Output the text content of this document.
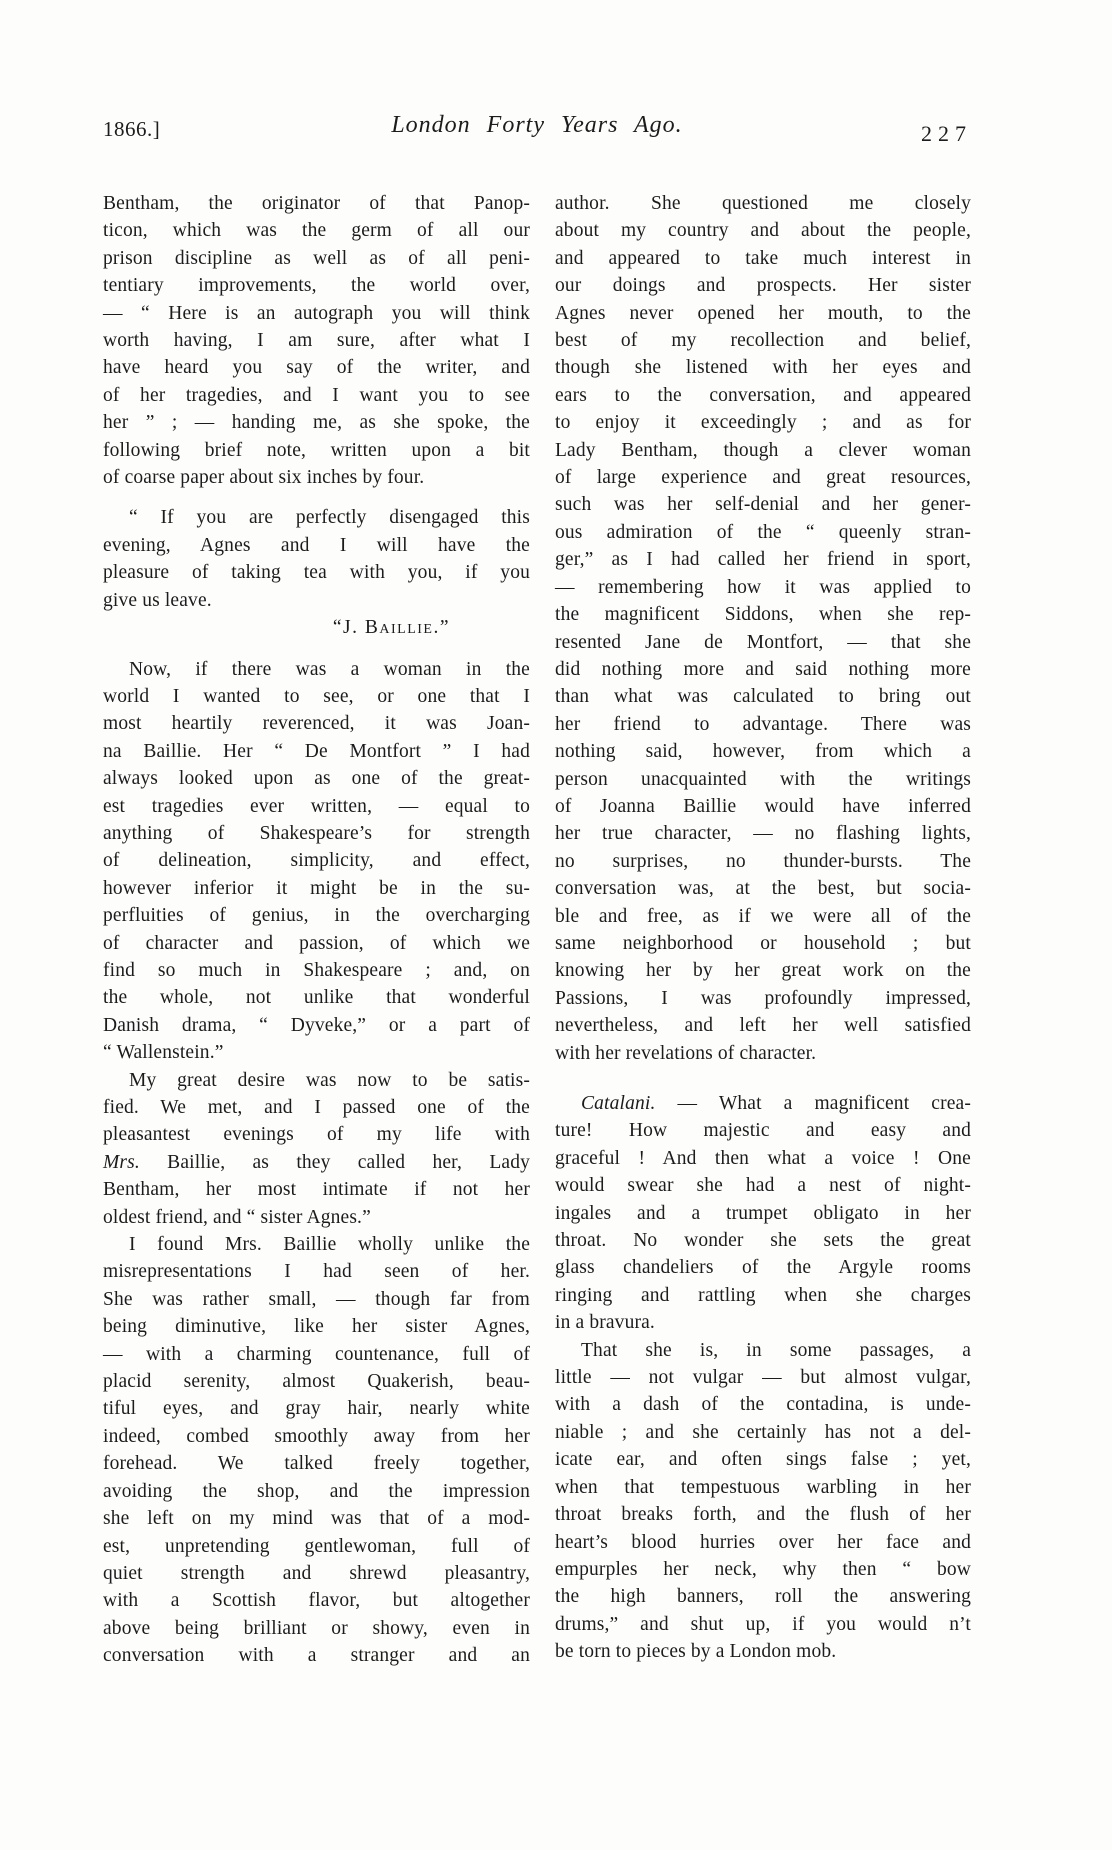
1866.]	London Forty Years Ago.	227

Bentham, the originator of that Panop-
ticon, which was the germ of all our
prison discipline as well as of all peni-
tentiary improvements, the world over,
— “ Here is an autograph you will think
worth having, I am sure, after what I
have heard you say of the writer, and
of her tragedies, and I want you to see
her ” ; — handing me, as she spoke, the
following brief note, written upon a bit
of coarse paper about six inches by four.

“ If you are perfectly disengaged this
evening, Agnes and I will have the
pleasure of taking tea with you, if you
give us leave.

“J. Baillie.”

Now, if there was a woman in the
world I wanted to see, or one that I
most heartily reverenced, it was Joan-
na Baillie. Her “ De Montfort ” I had
always looked upon as one of the great-
est tragedies ever written, — equal to
anything of Shakespeare’s for strength
of delineation, simplicity, and effect,
however inferior it might be in the su-
perfluities of genius, in the overcharging
of character and passion, of which we
find so much in Shakespeare ; and, on
the whole, not unlike that wonderful
Danish drama, “ Dyveke,” or a part of
“ Wallenstein.”

My great desire was now to be satis-
fied. We met, and I passed one of the
pleasantest evenings of my life with
Mrs. Baillie, as they called her, Lady
Bentham, her most intimate if not her
oldest friend, and “ sister Agnes.”

I found Mrs. Baillie wholly unlike the
misrepresentations I had seen of her.
She was rather small, — though far from
being diminutive, like her sister Agnes,
— with a charming countenance, full of
placid serenity, almost Quakerish, beau-
tiful eyes, and gray hair, nearly white
indeed, combed smoothly away from her
forehead. We talked freely together,
avoiding the shop, and the impression
she left on my mind was that of a mod-
est, unpretending gentlewoman, full of
quiet strength and shrewd pleasantry,
with a Scottish flavor, but altogether
above being brilliant or showy, even in
conversation with a stranger and an

author. She questioned me closely
about my country and about the people,
and appeared to take much interest in
our doings and prospects. Her sister
Agnes never opened her mouth, to the
best of my recollection and belief,
though she listened with her eyes and
ears to the conversation, and appeared
to enjoy it exceedingly ; and as for
Lady Bentham, though a clever woman
of large experience and great resources,
such was her self-denial and her gener-
ous admiration of the “ queenly stran-
ger,” as I had called her friend in sport,
— remembering how it was applied to
the magnificent Siddons, when she rep-
resented Jane de Montfort, — that she
did nothing more and said nothing more
than what was calculated to bring out
her friend to advantage. There was
nothing said, however, from which a
person unacquainted with the writings
of Joanna Baillie would have inferred
her true character, — no flashing lights,
no surprises, no thunder-bursts. The
conversation was, at the best, but socia-
ble and free, as if we were all of the
same neighborhood or household ; but
knowing her by her great work on the
Passions, I was profoundly impressed,
nevertheless, and left her well satisfied
with her revelations of character.

Catalani. — What a magnificent crea-
ture! How majestic and easy and
graceful ! And then what a voice ! One
would swear she had a nest of night-
ingales and a trumpet obligato in her
throat. No wonder she sets the great
glass chandeliers of the Argyle rooms
ringing and rattling when she charges
in a bravura.

That she is, in some passages, a
little — not vulgar — but almost vulgar,
with a dash of the contadina, is unde-
niable ; and she certainly has not a del-
icate ear, and often sings false ; yet,
when that tempestuous warbling in her
throat breaks forth, and the flush of her
heart’s blood hurries over her face and
empurples her neck, why then “ bow
the high banners, roll the answering
drums,” and shut up, if you would n’t
be torn to pieces by a London mob.
